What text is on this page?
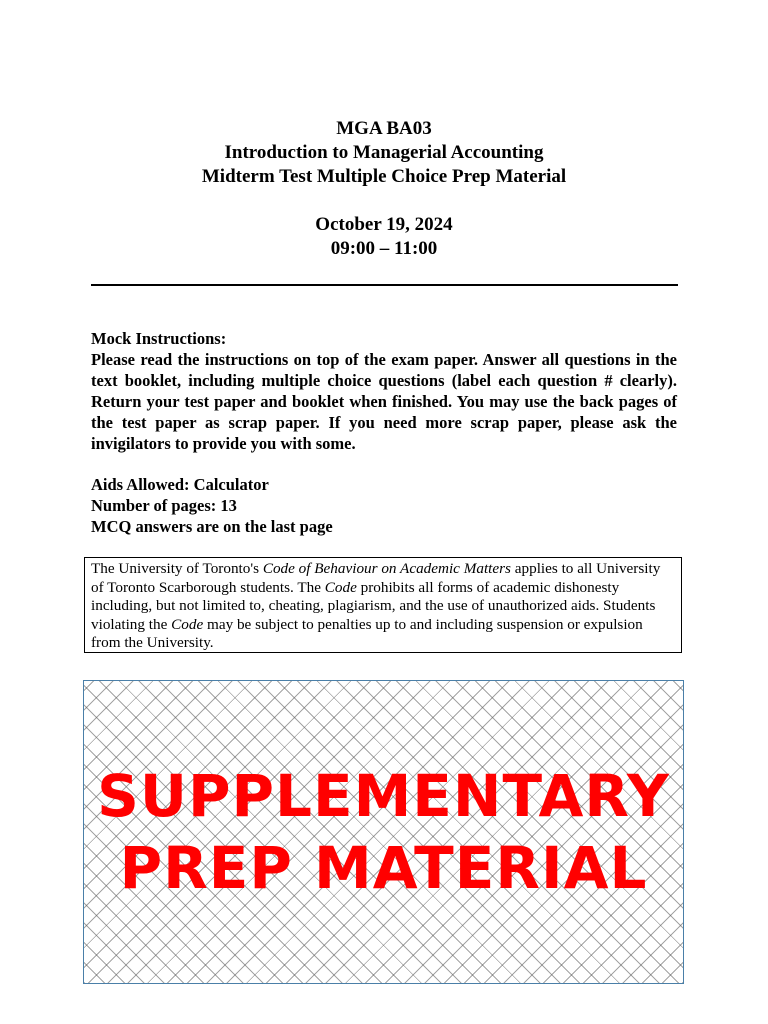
MGA BA03
Introduction to Managerial Accounting
Midterm Test Multiple Choice Prep Material
October 19, 2024
09:00 – 11:00
Mock Instructions:
Please read the instructions on top of the exam paper. Answer all questions in the text booklet, including multiple choice questions (label each question # clearly). Return your test paper and booklet when finished. You may use the back pages of the test paper as scrap paper. If you need more scrap paper, please ask the invigilators to provide you with some.
Aids Allowed: Calculator
Number of pages: 13
MCQ answers are on the last page
The University of Toronto's Code of Behaviour on Academic Matters applies to all University of Toronto Scarborough students. The Code prohibits all forms of academic dishonesty including, but not limited to, cheating, plagiarism, and the use of unauthorized aids. Students violating the Code may be subject to penalties up to and including suspension or expulsion from the University.
SUPPLEMENTARY
PREP MATERIAL
